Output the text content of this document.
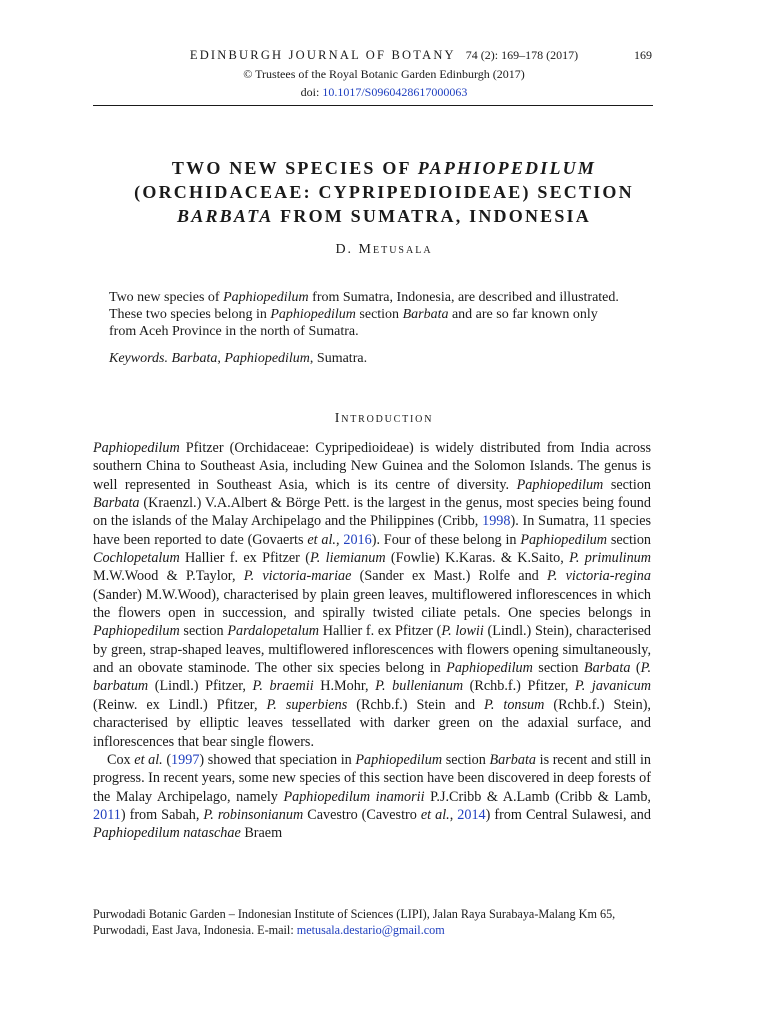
EDINBURGH JOURNAL OF BOTANY 74 (2): 169–178 (2017)	169
© Trustees of the Royal Botanic Garden Edinburgh (2017)
doi: 10.1017/S0960428617000063
TWO NEW SPECIES OF PAPHIOPEDILUM
(ORCHIDACEAE: CYPRIPEDIOIDEAE) SECTION
BARBATA FROM SUMATRA, INDONESIA
D. Metusala

Two new species of Paphiopedilum from Sumatra, Indonesia, are described and illustrated. These two species belong in Paphiopedilum section Barbata and are so far known only from Aceh Province in the north of Sumatra.

Keywords. Barbata, Paphiopedilum, Sumatra.
Introduction

Paphiopedilum Pfitzer (Orchidaceae: Cypripedioideae) is widely distributed from India across southern China to Southeast Asia, including New Guinea and the Solomon Islands. The genus is well represented in Southeast Asia, which is its centre of diversity. Paphiopedilum section Barbata (Kraenzl.) V.A.Albert & Börge Pett. is the largest in the genus, most species being found on the islands of the Malay Archipelago and the Philippines (Cribb, 1998). In Sumatra, 11 species have been reported to date (Govaerts et al., 2016). Four of these belong in Paphiopedilum section Cochlopetalum Hallier f. ex Pfitzer (P. liemianum (Fowlie) K.Karas. & K.Saito, P. primulinum M.W.Wood & P.Taylor, P. victoria-mariae (Sander ex Mast.) Rolfe and P. victoria-regina (Sander) M.W.Wood), characterised by plain green leaves, multiflowered inflorescences in which the flowers open in succession, and spirally twisted ciliate petals. One species belongs in Paphiopedilum section Pardalopetalum Hallier f. ex Pfitzer (P. lowii (Lindl.) Stein), characterised by green, strap-shaped leaves, multiflowered inflorescences with flowers opening simultaneously, and an obovate staminode. The other six species belong in Paphiopedilum section Barbata (P. barbatum (Lindl.) Pfitzer, P. braemii H.Mohr, P. bullenianum (Rchb.f.) Pfitzer, P. javanicum (Reinw. ex Lindl.) Pfitzer, P. superbiens (Rchb.f.) Stein and P. tonsum (Rchb.f.) Stein), characterised by elliptic leaves tessellated with darker green on the adaxial surface, and inflorescences that bear single flowers.

Cox et al. (1997) showed that speciation in Paphiopedilum section Barbata is recent and still in progress. In recent years, some new species of this section have been discovered in deep forests of the Malay Archipelago, namely Paphiopedilum inamorii P.J.Cribb & A.Lamb (Cribb & Lamb, 2011) from Sabah, P. robinsonianum Cavestro (Cavestro et al., 2014) from Central Sulawesi, and Paphiopedilum nataschae Braem

Purwodadi Botanic Garden – Indonesian Institute of Sciences (LIPI), Jalan Raya Surabaya-Malang Km 65, Purwodadi, East Java, Indonesia. E-mail: metusala.destario@gmail.com
